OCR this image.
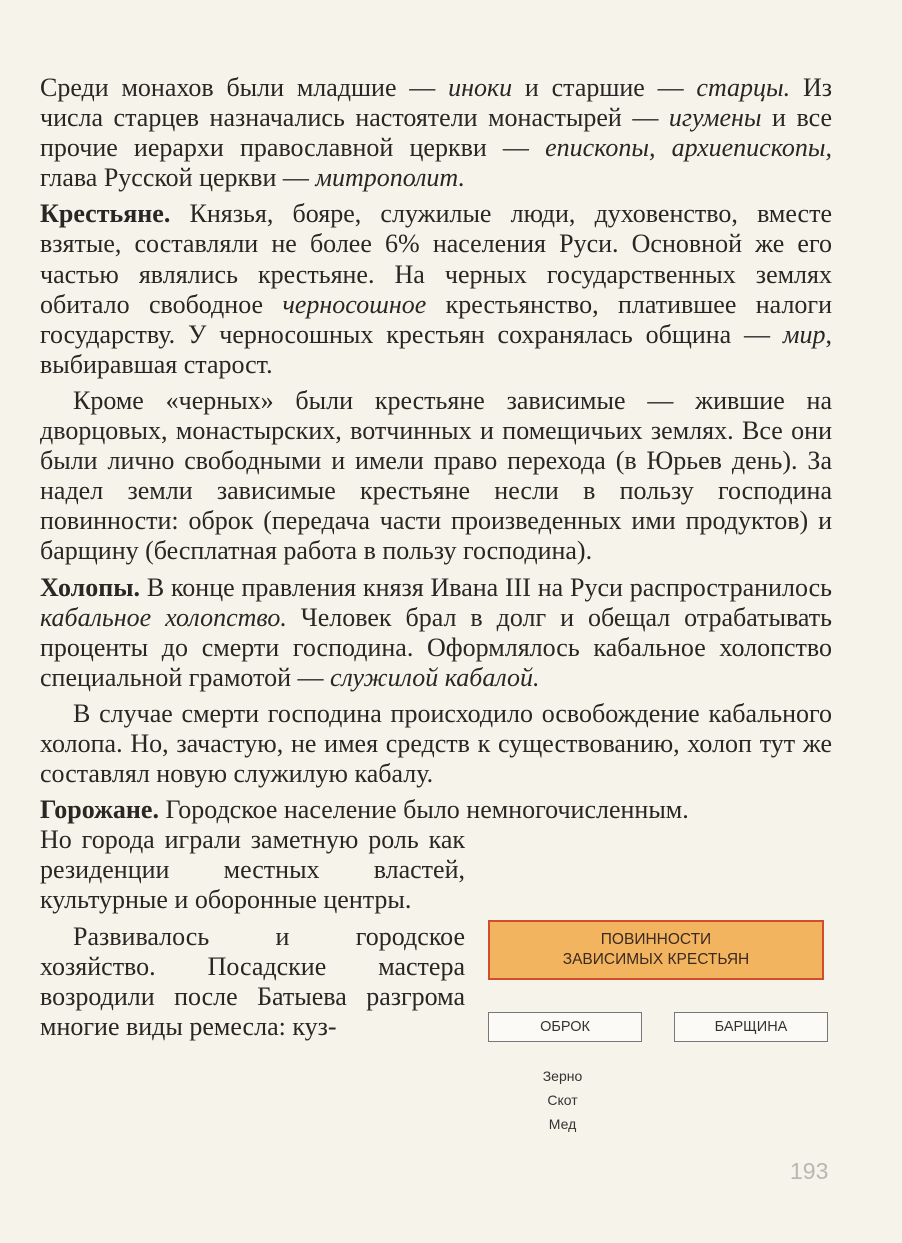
Среди монахов были младшие — иноки и старшие — старцы. Из числа старцев назначались настоятели монастырей — игумены и все прочие иерархи православной церкви — епископы, архиепископы, глава Русской церкви — митрополит.

Крестьяне. Князья, бояре, служилые люди, духовенство, вместе взятые, составляли не более 6% населения Руси. Основной же его частью являлись крестьяне. На черных государственных землях обитало свободное черносошное крестьянство, платившее налоги государству. У черносошных крестьян сохранялась община — мир, выбиравшая старост.

Кроме «черных» были крестьяне зависимые — жившие на дворцовых, монастырских, вотчинных и помещичьих землях. Все они были лично свободными и имели право перехода (в Юрьев день). За надел земли зависимые крестьяне несли в пользу господина повинности: оброк (передача части произведенных ими продуктов) и барщину (бесплатная работа в пользу господина).

Холопы. В конце правления князя Ивана III на Руси распространилось кабальное холопство. Человек брал в долг и обещал отрабатывать проценты до смерти господина. Оформлялось кабальное холопство специальной грамотой — служилой кабалой.

В случае смерти господина происходило освобождение кабального холопа. Но, зачастую, не имея средств к существованию, холоп тут же составлял новую служилую кабалу.

Горожане. Городское население было немногочисленным.

Но города играли заметную роль как резиденции местных властей, культурные и оборонные центры.

Развивалось и городское хозяйство. Посадские мастера возродили после Батыева разгрома многие виды ремесла: куз-

ПОВИННОСТИ
ЗАВИСИМЫХ КРЕСТЬЯН
ОБРОК	БАРЩИНА
Зерно
Скот
Мед
193
